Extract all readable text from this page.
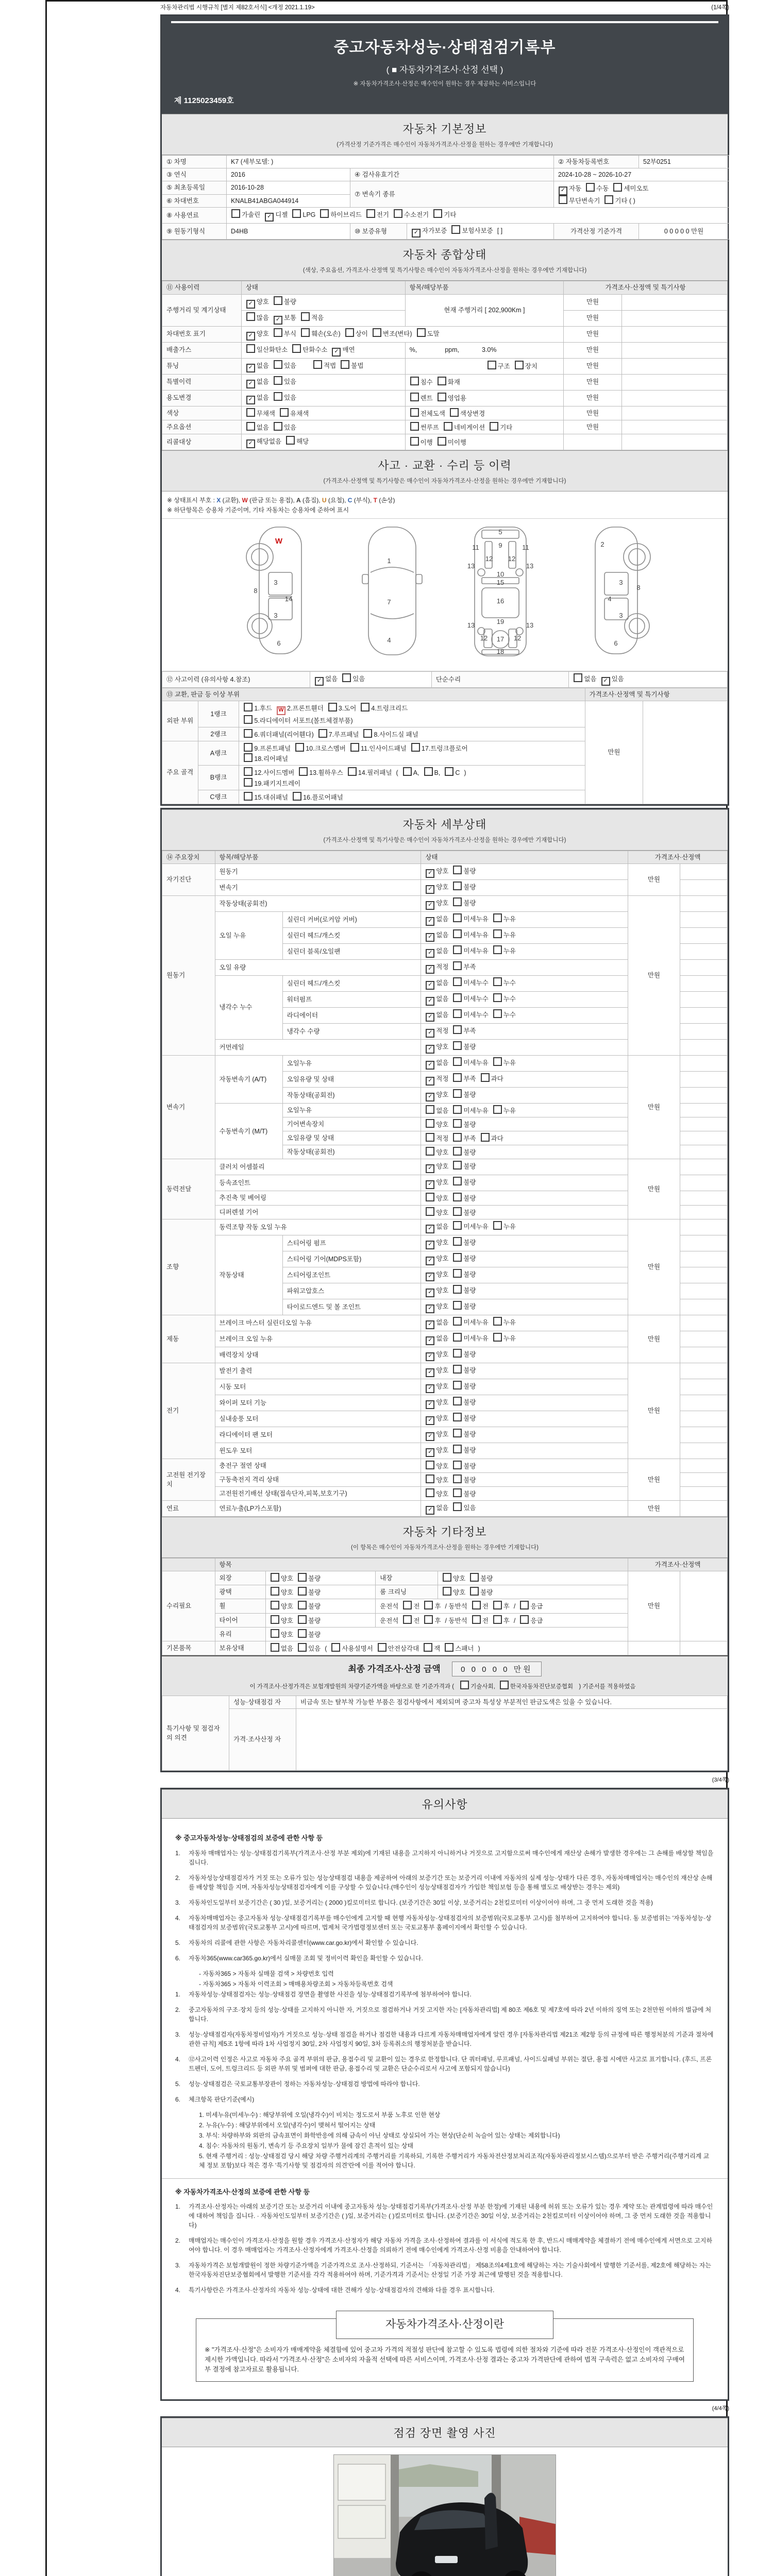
자동차관리법 시행규칙 [별지 제82호서식] <개정 2021.1.19>	(1/4쪽)
중고자동차성능·상태점검기록부
( ■ 자동차가격조사·산정 선택 )
※ 자동차가격조사·산정은 매수인이 원하는 경우 제공하는 서비스입니다
제 1125023459호
자동차 기본정보
(가격산정 기준가격은 매수인이 자동차가격조사·산정을 원하는 경우에만 기재합니다)
① 차명	K7 (세부모델: )			② 자동차등록번호	52부0251
③ 연식	2016	④ 검사유효기간		2024-10-28 ~ 2026-10-27	
⑤ 최초등록일	2016-10-28	⑦ 변속기 종류		✓ 자동 수동 세미오토
무단변속기 기타 ( )	
⑥ 차대번호	KNALB41ABGA044914				
⑧ 사용연료	가솔린 ✓ 디젤 LPG 하이브리드 전기 수소전기 기타				
⑨ 원동기형식	D4HB	⑩ 보증유형	✓ 자가보증 보험사보증 [ ]	가격산정 기준가격	0 0 0 0 0 만원
자동차 종합상태
(색상, 주요옵션, 가격조사·산정액 및 특기사항은 매수인이 자동차가격조사·산정을 원하는 경우에만 기재합니다)
⑪ 사용이력	상태	항목/해당부품	가격조사·산정액 및 특기사항	
주행거리 및 계기상태	✓ 양호 불량	현재 주행거리 [ 202,900Km ]	만원	
	많음 ✓ 보통 적음		만원	
차대번호 표기	✓ 양호 부식 훼손(오손) 상이 변조(변타) 도말		만원	
배출가스	일산화탄소 탄화수소 ✓ 매연	%, ppm, 3.0%	만원	
튜닝	✓ 없음 있음 적법 불법	구조 장치	만원	
특별이력	✓ 없음 있음	침수 화재	만원	
용도변경	✓ 없음 있음	렌트 영업용	만원	
색상	무채색 유채색	전체도색 색상변경	만원	
주요옵션	없음 있음	썬루프 네비게이션 기타	만원	
리콜대상	✓ 해당없음 해당	이행 미이행		
사고 · 교환 · 수리 등 이력
(가격조사·산정액 및 특기사항은 매수인이 자동차가격조사·산정을 원하는 경우에만 기재합니다)
※ 상태표시 부호 : X (교환), W (판금 또는 용접), A (흠집), U (요철), C (부식), T (손상)
※ 하단항목은 승용차 기준이며, 기타 자동차는 승용차에 준하여 표시
W
8
3
14
3
6
1
7
4
5
11	11
9
13	13
12 12
10
15
16
19
13	13
12 17 12
18
2
3
8
4
3
6
⑫ 사고이력 (유의사항 4.참조)	✓ 없음 있음	단순수리	없음 ✓ 있음
⑬ 교환, 판금 등 이상 부위			가격조사·산정액 및 특기사항	
외판 부위	1랭크	1.후드 W 2.프론트휀더 3.도어 4.트렁크리드
5.라디에이터 서포트(볼트체결부품)	만원	
	2랭크	6.쿼더패널(리어휀다) 7.루프패널 8.사이드실 패널		
주요 골격	A랭크	9.프론트패널 10.크로스멤버 11.인사이드패널 17.트렁크플로어
18.리어패널		
	B랭크	12.사이드멤버 13.휠하우스 14.필러패널 ( A, B, C )
19.패키지트레이		
	C랭크	15.대쉬패널 16.플로어패널		
자동차 세부상태
(가격조사·산정액 및 특기사항은 매수인이 자동차가격조사·산정을 원하는 경우에만 기재합니다)
⑭ 주요장치	항목/해당부품		상태	가격조사·산정액	
자기진단	원동기		✓ 양호 불량	만원	
	변속기		✓ 양호 불량		
원동기	작동상태(공회전)		✓ 양호 불량	만원	
	오일 누유	실린더 커버(로커암 커버)	✓ 없음 미세누유 누유		
		실린더 헤드/개스킷	✓ 없음 미세누유 누유		
		실린더 블록/오일팬	✓ 없음 미세누유 누유		
	오일 유량		✓ 적정 부족		
	냉각수 누수	실린더 헤드/개스킷	✓ 없음 미세누수 누수		
		워터펌프	✓ 없음 미세누수 누수		
		라디에이터	✓ 없음 미세누수 누수		
		냉각수 수량	✓ 적정 부족		
	커먼레일		✓ 양호 불량		
변속기	자동변속기 (A/T)	오일누유	✓ 없음 미세누유 누유	만원	
		오일유량 및 상태	✓ 적정 부족 과다		
		작동상태(공회전)	✓ 양호 불량		
	수동변속기 (M/T)	오일누유	없음 미세누유 누유		
		기어변속장치	양호 불량		
		오일유량 및 상태	적정 부족 과다		
		작동상태(공회전)	양호 불량		
동력전달	클러치 어셈블리		✓ 양호 불량	만원	
	등속죠인트		✓ 양호 불량		
	추진축 및 베어링		양호 불량		
	디퍼렌셜 기어		양호 불량		
조향	동력조향 작동 오일 누유		✓ 없음 미세누유 누유	만원	
	작동상태	스티어링 펌프	✓ 양호 불량		
		스티어링 기어(MDPS포함)	✓ 양호 불량		
		스티어링조인트	✓ 양호 불량		
		파워고압호스	✓ 양호 불량		
		타이로드엔드 및 볼 조인트	✓ 양호 불량		
제동	브레이크 마스터 실린더오일 누유		✓ 없음 미세누유 누유	만원	
	브레이크 오일 누유		✓ 없음 미세누유 누유		
	배력장치 상태		✓ 양호 불량		
전기	발전기 출력		✓ 양호 불량	만원	
	시동 모터		✓ 양호 불량		
	와이퍼 모터 기능		✓ 양호 불량		
	실내송풍 모터		✓ 양호 불량		
	라디에이터 팬 모터		✓ 양호 불량		
	윈도우 모터		✓ 양호 불량		
고전원 전기장치	충전구 절연 상태		양호 불량	만원	
	구동축전지 격리 상태		양호 불량		
	고전원전기배선 상태(접속단자,피복,보호기구)		양호 불량		
연료	연료누출(LP가스포함)		✓ 없음 있음	만원	
자동차 기타정보
(이 항목은 매수인이 자동차가격조사·산정을 원하는 경우에만 기재합니다)
	항목				가격조사·산정액	
수리필요	외장	양호 불량	내장	양호 불량	만원	
	광택	양호 불량	룸 크리닝	양호 불량		
	휠	양호 불량	운전석 전 후 / 동반석 전 후 / 응급			
	타이어	양호 불량	운전석 전 후 / 동반석 전 후 / 응급			
	유리	양호 불량				
기본품목	보유상태	없음 있음 ( 사용설명서 안전삼각대 잭 스패너 )				
최종 가격조사·산정 금액	0 0 0 0 0 만원
이 가격조사·산정가격은 보험개발원의 차량기준가액을 바탕으로 한 기준가격과 (	기술사회,	한국자동차진단보증협회 ) 기준서를 적용하였음
특기사항 및 점검자의 의견	성능·상태점검 자	비금속 또는 탈부착 가능한 부품은 점검사항에서 제외되며 중고차 특성상 부분적인 판금도색은 있을 수 있습니다.
	가격·조사산정 자	
(3/4쪽)
유의사항
※ 중고자동차성능·상태점검의 보증에 관한 사항 등
1.	자동차 매매업자는 성능·상태점검기록부(가격조사·산정 부분 제외)에 기재된 내용을 고지하지 아니하거나 거짓으로 고지함으로써 매수인에게 재산상 손해가 발생한 경우에는 그 손해를 배상할 책임을 집니다.
2.	자동차성능상태점검자가 거짓 또는 오류가 있는 성능상태점검 내용을 제공하여 아래의 보증기간 또는 보증거리 이내에 자동차의 실제 성능·상태가 다른 경우, 자동차매매업자는 매수인의 재산상 손해를 배상할 책임을 지며, 자동차성능상태점검자에게 이를 구상할 수 있습니다.(매수인이 성능상태점검자가 가입한 책임보험 등을 통해 별도로 배상받는 경우는 제외)
3.	자동차인도일부터 보증기간은 ( 30 )일, 보증거리는 ( 2000 )킬로미터로 합니다. (보증기간은 30일 이상, 보증거리는 2천킬로미터 이상이어야 하며, 그 중 먼저 도래한 것을 적용)
4.	자동차매매업자는 중고자동차 성능·상태점검기록부를 매수인에게 고지할 때 현행 자동차성능·상태점검자의 보증범위(국토교통부 고시)를 첨부하여 고지하여야 합니다. 동 보증범위는 '자동차성능·상태점검자의 보증범위'(국토교통부 고시)에 따르며, 법제처 국가법령정보센터 또는 국토교통부 홈페이지에서 확인할 수 있습니다.
5.	자동차의 리콜에 관한 사항은 자동차리콜센터(www.car.go.kr)에서 확인할 수 있습니다.
6.	자동차365(www.car365.go.kr)에서 실매물 조회 및 정비이력 확인을 확인할 수 있습니다.
- 자동차365 > 자동차 실매물 검색 > 차량번호 입력
- 자동차365 > 자동차 이력조회 > 매매용차량조회 > 자동차등록번호 검색
1.	자동차성능·상태점검자는 성능·상태점검 장면을 촬영한 사진을 성능·상태점검기록부에 첨부하여야 합니다.
2.	중고자동차의 구조·장치 등의 성능·상태를 고지하지 아니한 자, 거짓으로 점검하거나 거짓 고지한 자는 [자동차관리법] 제 80조 제6호 및 제7호에 따라 2년 이하의 징역 또는 2천만원 이하의 벌금에 처합니다.
3.	성능·상태점검자(자동차정비업자)가 거짓으로 성능·상태 점검을 하거나 점검한 내용과 다르게 자동차매매업자에게 알린 경우 [자동차관리법 제21조 제2항 등의 규정에 따른 행정처분의 기준과 절차에 관한 규칙] 제5조 1항에 따라 1차 사업정지 30일, 2차 사업정지 90일, 3차 등록취소의 행정처분을 받습니다.
4.	⑫사고이력 인정은 사고로 자동차 주요 골격 부위의 판금, 용접수리 및 교환이 있는 경우로 한정합니다. 단 쿼터패널, 루프패널, 사이드실패널 부위는 절단, 용접 시에만 사고로 표기합니다. (후드, 프론트펜더, 도어, 트렁크리드 등 외판 부위 및 범퍼에 대한 판금, 용접수리 및 교환은 단순수리로서 사고에 포함되지 않습니다)
5.	성능·상태점검은 국토교통부장관이 정하는 자동차성능·상태점검 방법에 따라야 합니다.
6.	체크항목 판단기준(예시)
1. 미세누유(미세누수) : 해당부위에 오일(냉각수)이 비치는 정도로서 부품 노후로 인한 현상
2. 누유(누수) : 해당부위에서 오일(냉각수)이 맺혀서 떨어지는 상태
3. 부식: 차량하부와 외판의 금속표면이 화학반응에 의해 금속이 아닌 상태로 상실되어 가는 현상(단순히 녹슬어 있는 상태는 제외합니다)
4. 침수: 자동차의 원동기, 변속기 등 주요장치 일부가 물에 잠긴 흔적이 있는 상태
5. 현재 주행거리 : 성능·상태점검 당시 해당 차량 주행거리계의 주행거리를 기록하되, 기록한 주행거리가 자동차전산정보처리조직(자동차관리정보시스템)으로부터 받은 주행거리(주행거리계 교체 정보 포함)보다 적은 경우 '특기사항 및 점검자의 의견'란에 이를 적어야 합니다.
※ 자동차가격조사·산정의 보증에 관한 사항 등
1.	가격조사·산정자는 아래의 보증기간 또는 보증거리 이내에 중고자동차 성능·상태점검기록부(가격조사·산정 부분 한정)에 기재된 내용에 허위 또는 오류가 있는 경우 계약 또는 관계법령에 따라 매수인에 대하여 책임을 집니다. · 자동차인도일부터 보증기간은 ( )일, 보증거리는 ( )킬로미터로 합니다. (보증기간은 30일 이상, 보증거리는 2천킬로미터 이상이어야 하며, 그 중 먼저 도래한 것을 적용합니다)
2.	매매업자는 매수인이 가격조사·산정을 원할 경우 가격조사·산정자가 해당 자동차 가격을 조사·산정하여 결과를 이 서식에 적도록 한 후, 반드시 매매계약을 체결하기 전에 매수인에게 서면으로 고지하여야 합니다. 이 경우 매매업자는 가격조사·산정자에게 가격조사·산정을 의뢰하기 전에 매수인에게 가격조사·산정 비용을 안내하여야 합니다.
3.	자동차가격은 보험개발원이 정한 차량기준가액을 기준가격으로 조사·산정하되, 기준서는 「자동차관리법」 제58조의4제1호에 해당하는 자는 기술사회에서 발행한 기준서를, 제2호에 해당하는 자는 한국자동차진단보증협회에서 발행한 기준서를 각각 적용하여야 하며, 기준가격과 기준서는 산정일 기준 가장 최근에 발행된 것을 적용합니다.
4.	특기사항란은 가격조사·산정자의 자동차 성능·상태에 대한 견해가 성능·상태점검자의 견해와 다를 경우 표시합니다.
자동차가격조사·산정이란
※ "가격조사·산정"은 소비자가 매매계약을 체결함에 있어 중고차 가격의 적절성 판단에 참고할 수 있도록 법령에 의한 절차와 기준에 따라 전문 가격조사·산정인이 객관적으로 제시한 가액입니다. 따라서 "가격조사·산정"은 소비자의 자율적 선택에 따른 서비스이며, 가격조사·산정 결과는 중고차 가격판단에 관하여 법적 구속력은 없고 소비자의 구매여부 결정에 참고자료로 활용됩니다.
(4/4쪽)
점검 장면 촬영 사진
